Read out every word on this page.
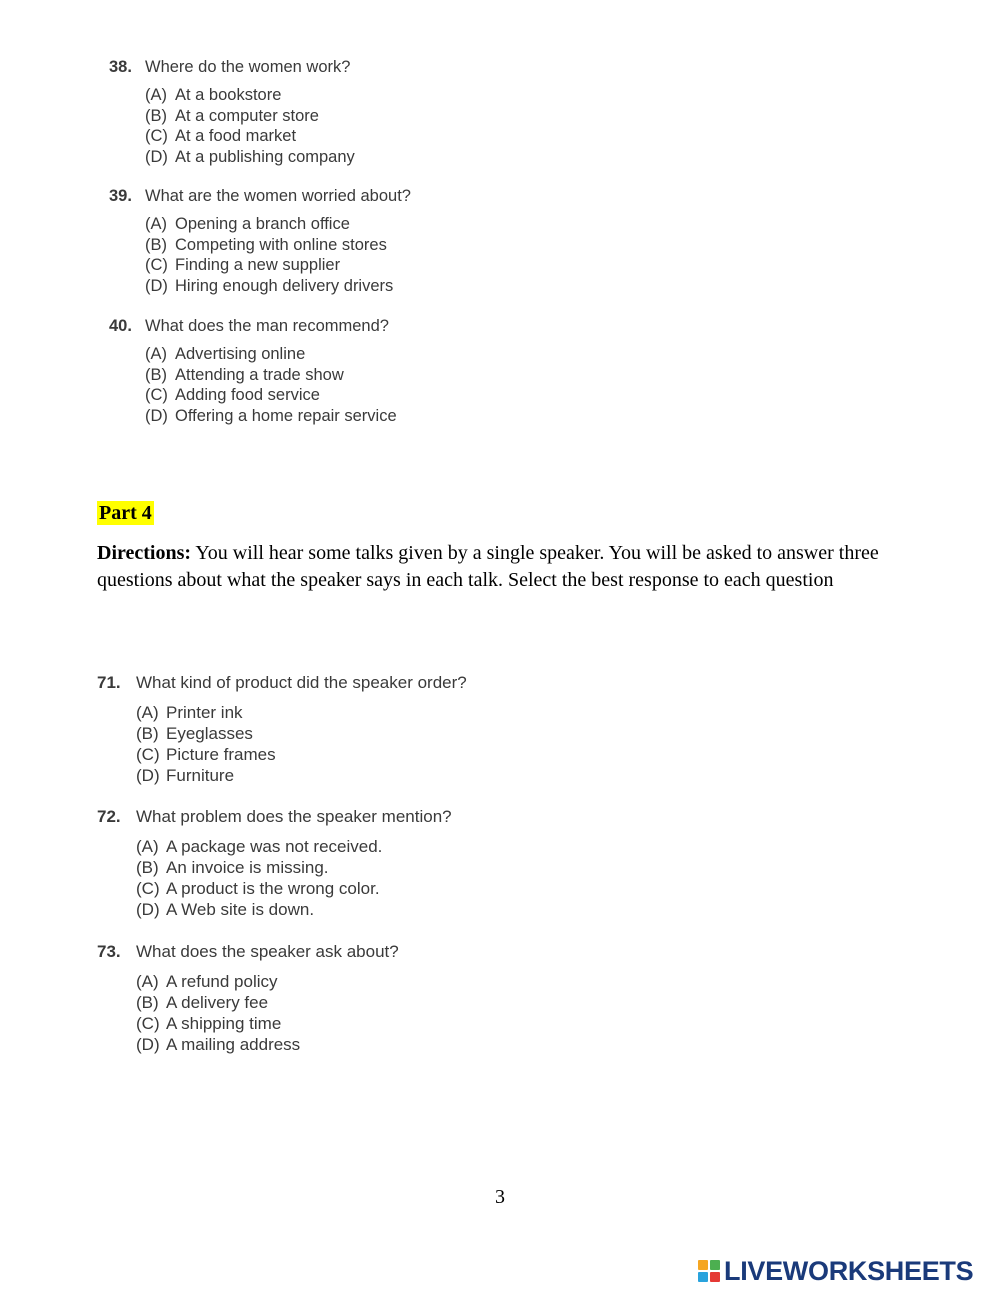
38. Where do the women work?
(A) At a bookstore
(B) At a computer store
(C) At a food market
(D) At a publishing company
39. What are the women worried about?
(A) Opening a branch office
(B) Competing with online stores
(C) Finding a new supplier
(D) Hiring enough delivery drivers
40. What does the man recommend?
(A) Advertising online
(B) Attending a trade show
(C) Adding food service
(D) Offering a home repair service
Part 4
Directions: You will hear some talks given by a single speaker. You will be asked to answer three questions about what the speaker says in each talk. Select the best response to each question
71. What kind of product did the speaker order?
(A) Printer ink
(B) Eyeglasses
(C) Picture frames
(D) Furniture
72. What problem does the speaker mention?
(A) A package was not received.
(B) An invoice is missing.
(C) A product is the wrong color.
(D) A Web site is down.
73. What does the speaker ask about?
(A) A refund policy
(B) A delivery fee
(C) A shipping time
(D) A mailing address
3
LIVEWORKSHEETS
